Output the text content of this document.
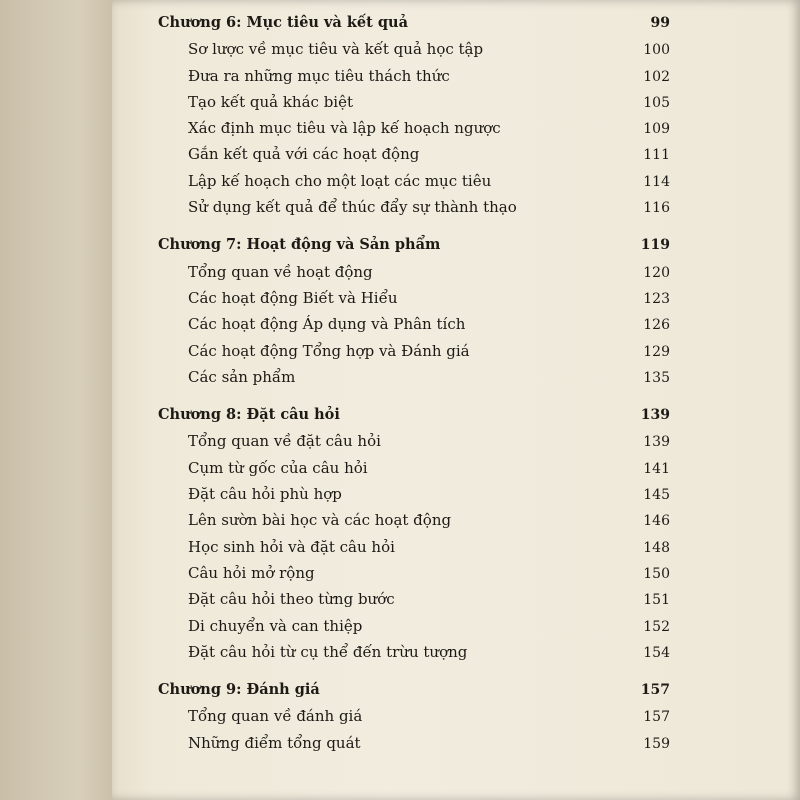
Chương 6: Mục tiêu và kết quả	99
Sơ lược về mục tiêu và kết quả học tập	100
Đưa ra những mục tiêu thách thức	102
Tạo kết quả khác biệt	105
Xác định mục tiêu và lập kế hoạch ngược	109
Gắn kết quả với các hoạt động	111
Lập kế hoạch cho một loạt các mục tiêu	114
Sử dụng kết quả để thúc đẩy sự thành thạo	116
Chương 7: Hoạt động và Sản phẩm	119
Tổng quan về hoạt động	120
Các hoạt động Biết và Hiểu	123
Các hoạt động Áp dụng và Phân tích	126
Các hoạt động Tổng hợp và Đánh giá	129
Các sản phẩm	135
Chương 8: Đặt câu hỏi	139
Tổng quan về đặt câu hỏi	139
Cụm từ gốc của câu hỏi	141
Đặt câu hỏi phù hợp	145
Lên sườn bài học và các hoạt động	146
Học sinh hỏi và đặt câu hỏi	148
Câu hỏi mở rộng	150
Đặt câu hỏi theo từng bước	151
Di chuyển và can thiệp	152
Đặt câu hỏi từ cụ thể đến trừu tượng	154
Chương 9: Đánh giá	157
Tổng quan về đánh giá	157
Những điểm tổng quát	159
